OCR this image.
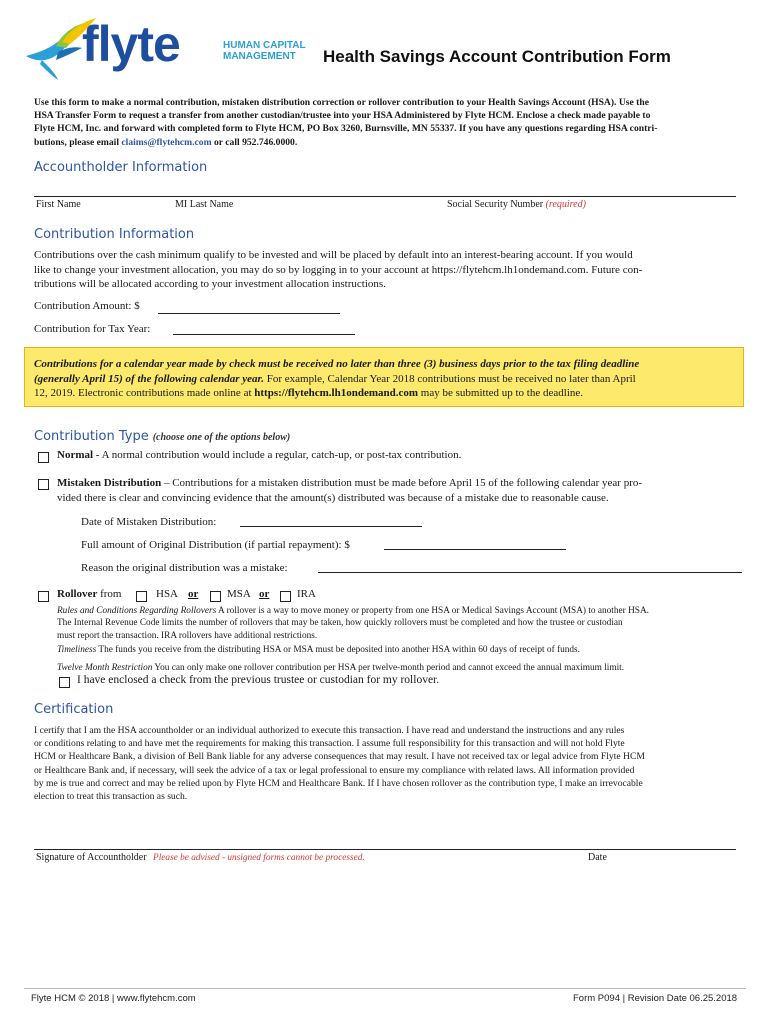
flyte	HUMAN CAPITAL
MANAGEMENT Health Savings Account Contribution Form

Use this form to make a normal contribution, mistaken distribution correction or rollover contribution to your Health Savings Account (HSA). Use the

HSA Transfer Form to request a transfer from another custodian/trustee into your HSA Administered by Flyte HCM. Enclose a check made payable to

Flyte HCM, Inc. and forward with completed form to Flyte HCM, PO Box 3260, Burnsville, MN 55337. If you have any questions regarding HSA contri-

butions, please email claims@flytehcm.com or call 952.746.0000.

Accountholder Information
First Name	MI Last Name	Social Security Number (required)
Contribution Information

Contributions over the cash minimum qualify to be invested and will be placed by default into an interest-bearing account. If you would

like to change your investment allocation, you may do so by logging in to your account at https://flytehcm.lh1ondemand.com. Future con-

tributions will be allocated according to your investment allocation instructions.

Contribution Amount: $
Contribution for Tax Year:

Contributions for a calendar year made by check must be received no later than three (3) business days prior to the tax filing deadline

(generally April 15) of the following calendar year. For example, Calendar Year 2018 contributions must be received no later than April

12, 2019. Electronic contributions made online at https://flytehcm.lh1ondemand.com may be submitted up to the deadline.

Contribution Type (choose one of the options below)
Normal - A normal contribution would include a regular, catch-up, or post-tax contribution.

Mistaken Distribution – Contributions for a mistaken distribution must be made before April 15 of the following calendar year pro-

vided there is clear and convincing evidence that the amount(s) distributed was because of a mistake due to reasonable cause.

Date of Mistaken Distribution:
Full amount of Original Distribution (if partial repayment): $
Reason the original distribution was a mistake:
Rollover from	HSA or	MSA or	IRA

Rules and Conditions Regarding Rollovers A rollover is a way to move money or property from one HSA or Medical Savings Account (MSA) to another HSA.

The Internal Revenue Code limits the number of rollovers that may be taken, how quickly rollovers must be completed and how the trustee or custodian

must report the transaction. IRA rollovers have additional restrictions.

Timeliness The funds you receive from the distributing HSA or MSA must be deposited into another HSA within 60 days of receipt of funds.

Twelve Month Restriction You can only make one rollover contribution per HSA per twelve-month period and cannot exceed the annual maximum limit.

I have enclosed a check from the previous trustee or custodian for my rollover.
Certification

I certify that I am the HSA accountholder or an individual authorized to execute this transaction. I have read and understand the instructions and any rules

or conditions relating to and have met the requirements for making this transaction. I assume full responsibility for this transaction and will not hold Flyte

HCM or Healthcare Bank, a division of Bell Bank liable for any adverse consequences that may result. I have not received tax or legal advice from Flyte HCM

or Healthcare Bank and, if necessary, will seek the advice of a tax or legal professional to ensure my compliance with related laws. All information provided

by me is true and correct and may be relied upon by Flyte HCM and Healthcare Bank. If I have chosen rollover as the contribution type, I make an irrevocable

election to treat this transaction as such.

Signature of Accountholder Please be advised - unsigned forms cannot be processed.	Date
Flyte HCM © 2018 | www.flytehcm.com	Form P094 | Revision Date 06.25.2018
